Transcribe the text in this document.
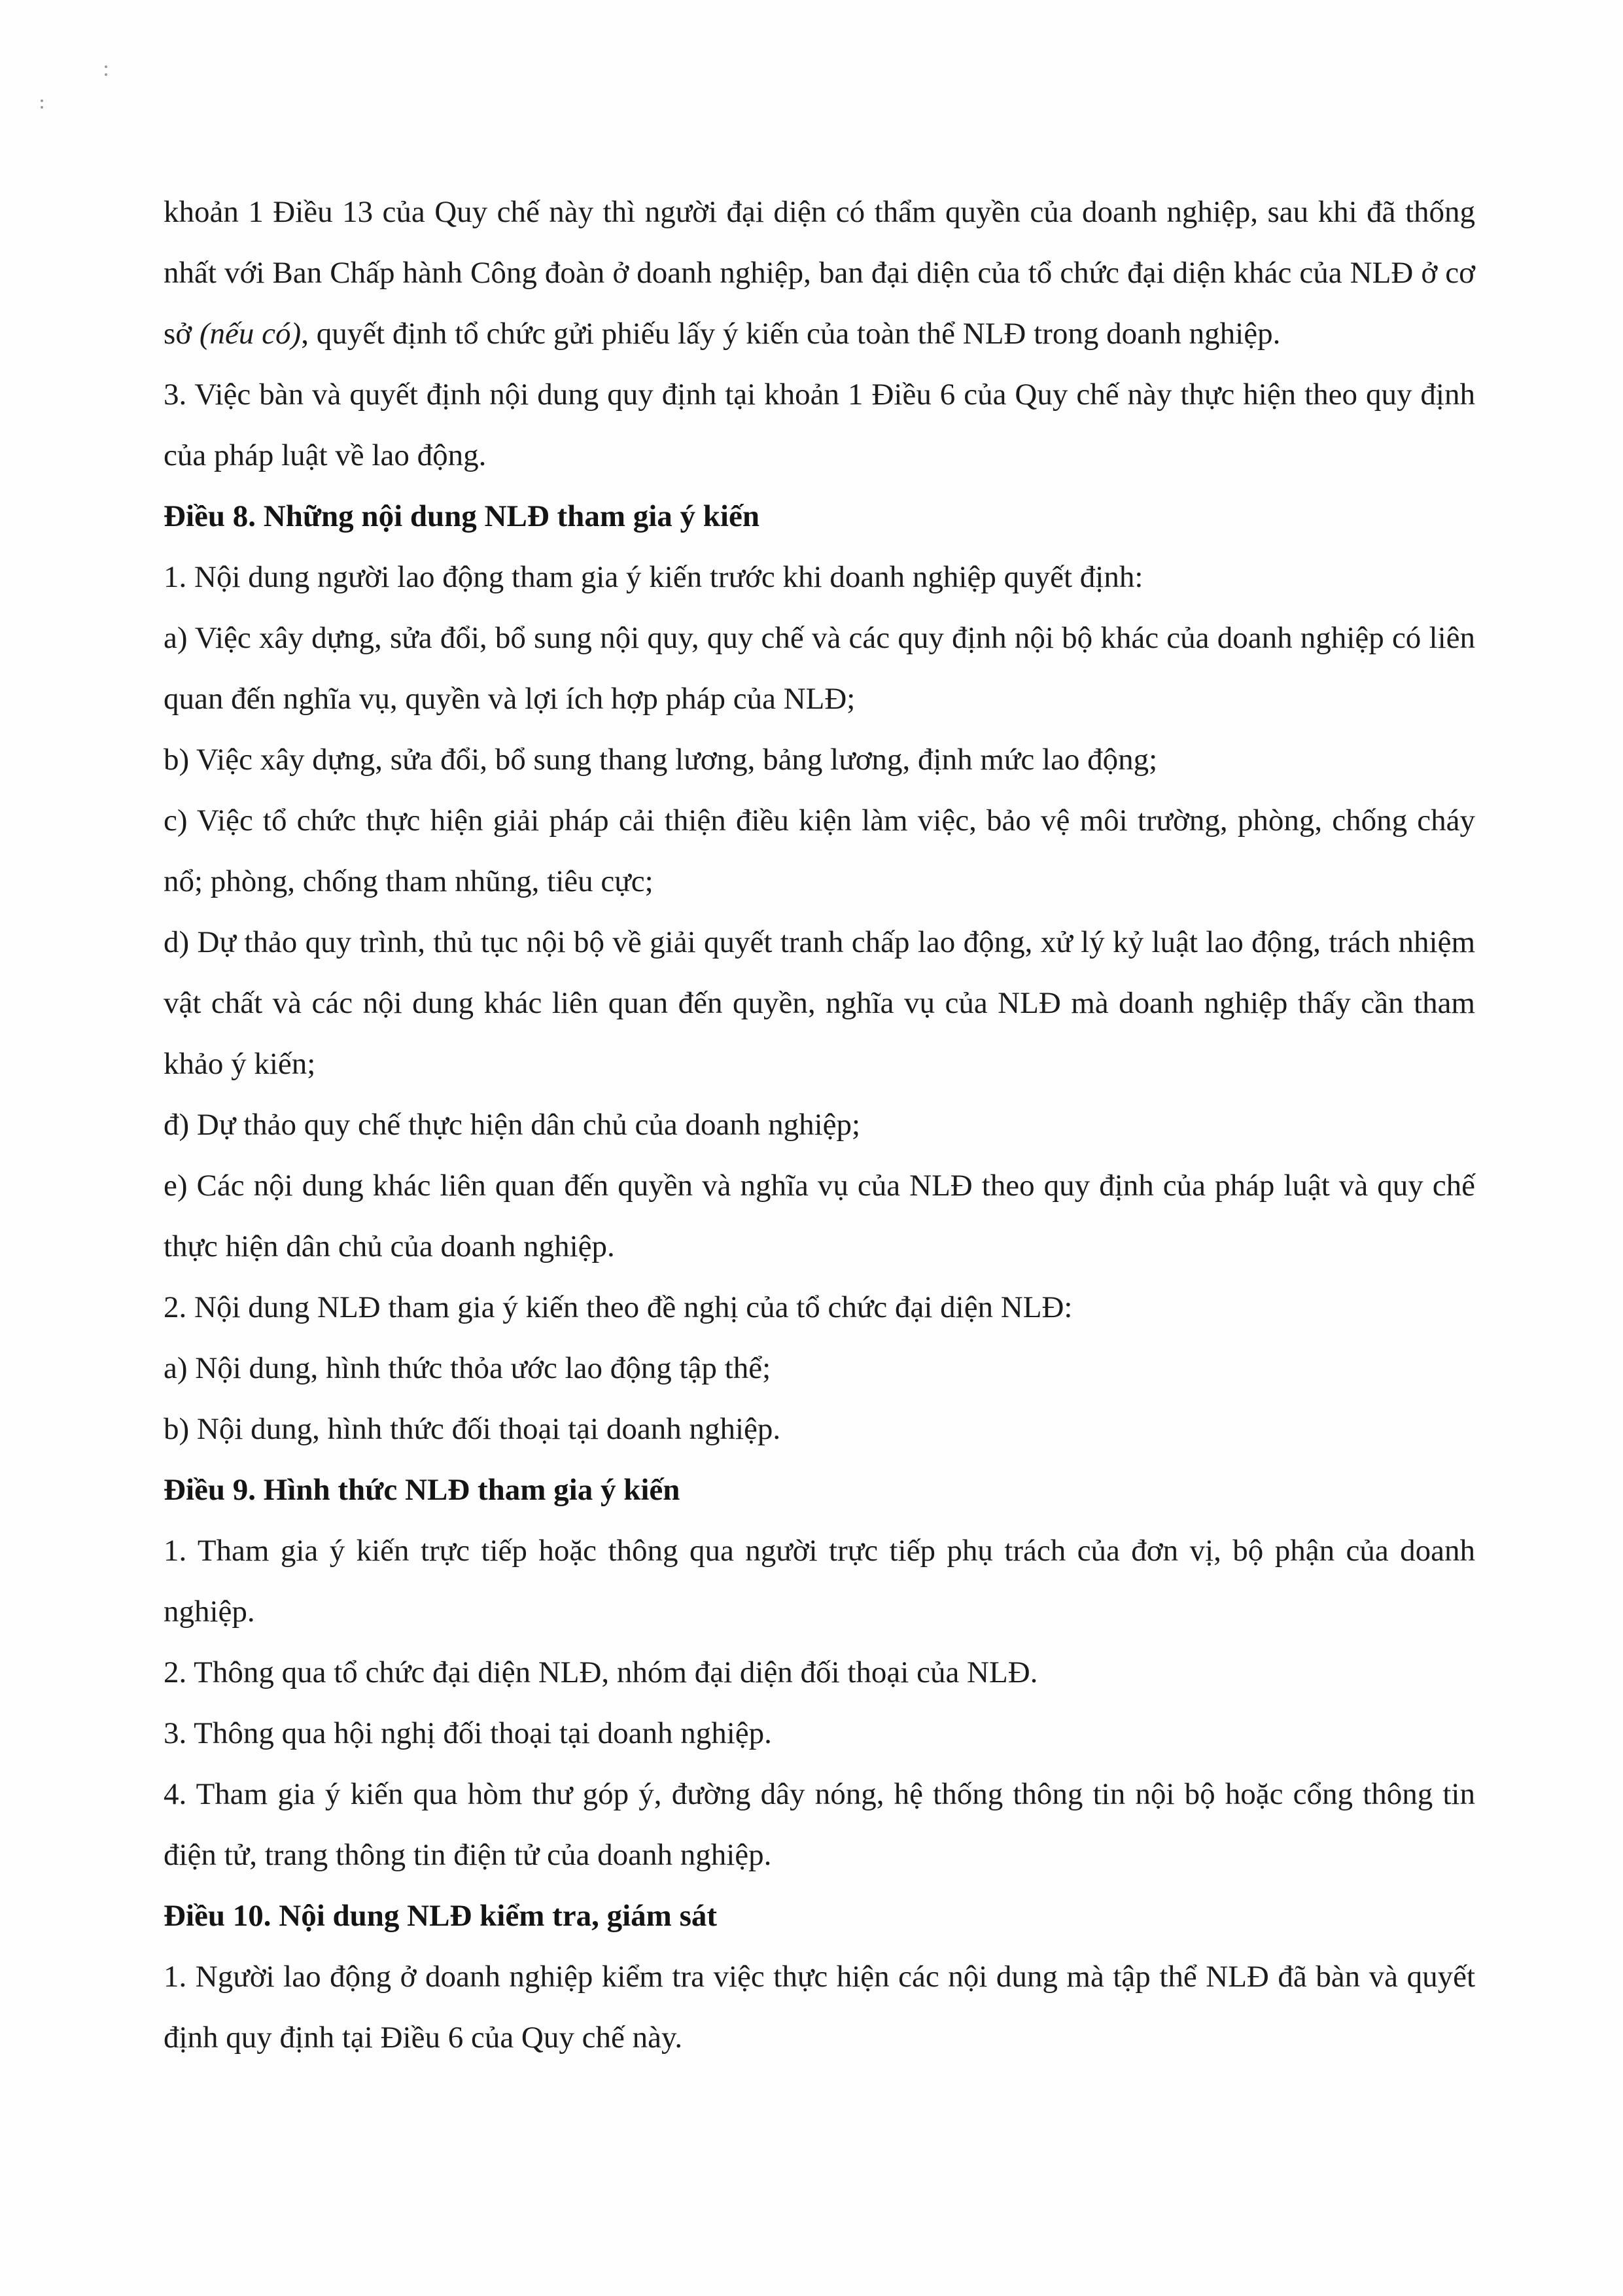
khoản 1 Điều 13 của Quy chế này thì người đại diện có thẩm quyền của doanh nghiệp, sau khi đã thống nhất với Ban Chấp hành Công đoàn ở doanh nghiệp, ban đại diện của tổ chức đại diện khác của NLĐ ở cơ sở (nếu có), quyết định tổ chức gửi phiếu lấy ý kiến của toàn thể NLĐ trong doanh nghiệp.

3. Việc bàn và quyết định nội dung quy định tại khoản 1 Điều 6 của Quy chế này thực hiện theo quy định của pháp luật về lao động.

Điều 8. Những nội dung NLĐ tham gia ý kiến

1. Nội dung người lao động tham gia ý kiến trước khi doanh nghiệp quyết định:

a) Việc xây dựng, sửa đổi, bổ sung nội quy, quy chế và các quy định nội bộ khác của doanh nghiệp có liên quan đến nghĩa vụ, quyền và lợi ích hợp pháp của NLĐ;

b) Việc xây dựng, sửa đổi, bổ sung thang lương, bảng lương, định mức lao động;

c) Việc tổ chức thực hiện giải pháp cải thiện điều kiện làm việc, bảo vệ môi trường, phòng, chống cháy nổ; phòng, chống tham nhũng, tiêu cực;

d) Dự thảo quy trình, thủ tục nội bộ về giải quyết tranh chấp lao động, xử lý kỷ luật lao động, trách nhiệm vật chất và các nội dung khác liên quan đến quyền, nghĩa vụ của NLĐ mà doanh nghiệp thấy cần tham khảo ý kiến;

đ) Dự thảo quy chế thực hiện dân chủ của doanh nghiệp;

e) Các nội dung khác liên quan đến quyền và nghĩa vụ của NLĐ theo quy định của pháp luật và quy chế thực hiện dân chủ của doanh nghiệp.

2. Nội dung NLĐ tham gia ý kiến theo đề nghị của tổ chức đại diện NLĐ:

a) Nội dung, hình thức thỏa ước lao động tập thể;

b) Nội dung, hình thức đối thoại tại doanh nghiệp.

Điều 9. Hình thức NLĐ tham gia ý kiến

1. Tham gia ý kiến trực tiếp hoặc thông qua người trực tiếp phụ trách của đơn vị, bộ phận của doanh nghiệp.

2. Thông qua tổ chức đại diện NLĐ, nhóm đại diện đối thoại của NLĐ.

3. Thông qua hội nghị đối thoại tại doanh nghiệp.

4. Tham gia ý kiến qua hòm thư góp ý, đường dây nóng, hệ thống thông tin nội bộ hoặc cổng thông tin điện tử, trang thông tin điện tử của doanh nghiệp.

Điều 10. Nội dung NLĐ kiểm tra, giám sát

1. Người lao động ở doanh nghiệp kiểm tra việc thực hiện các nội dung mà tập thể NLĐ đã bàn và quyết định quy định tại Điều 6 của Quy chế này.
